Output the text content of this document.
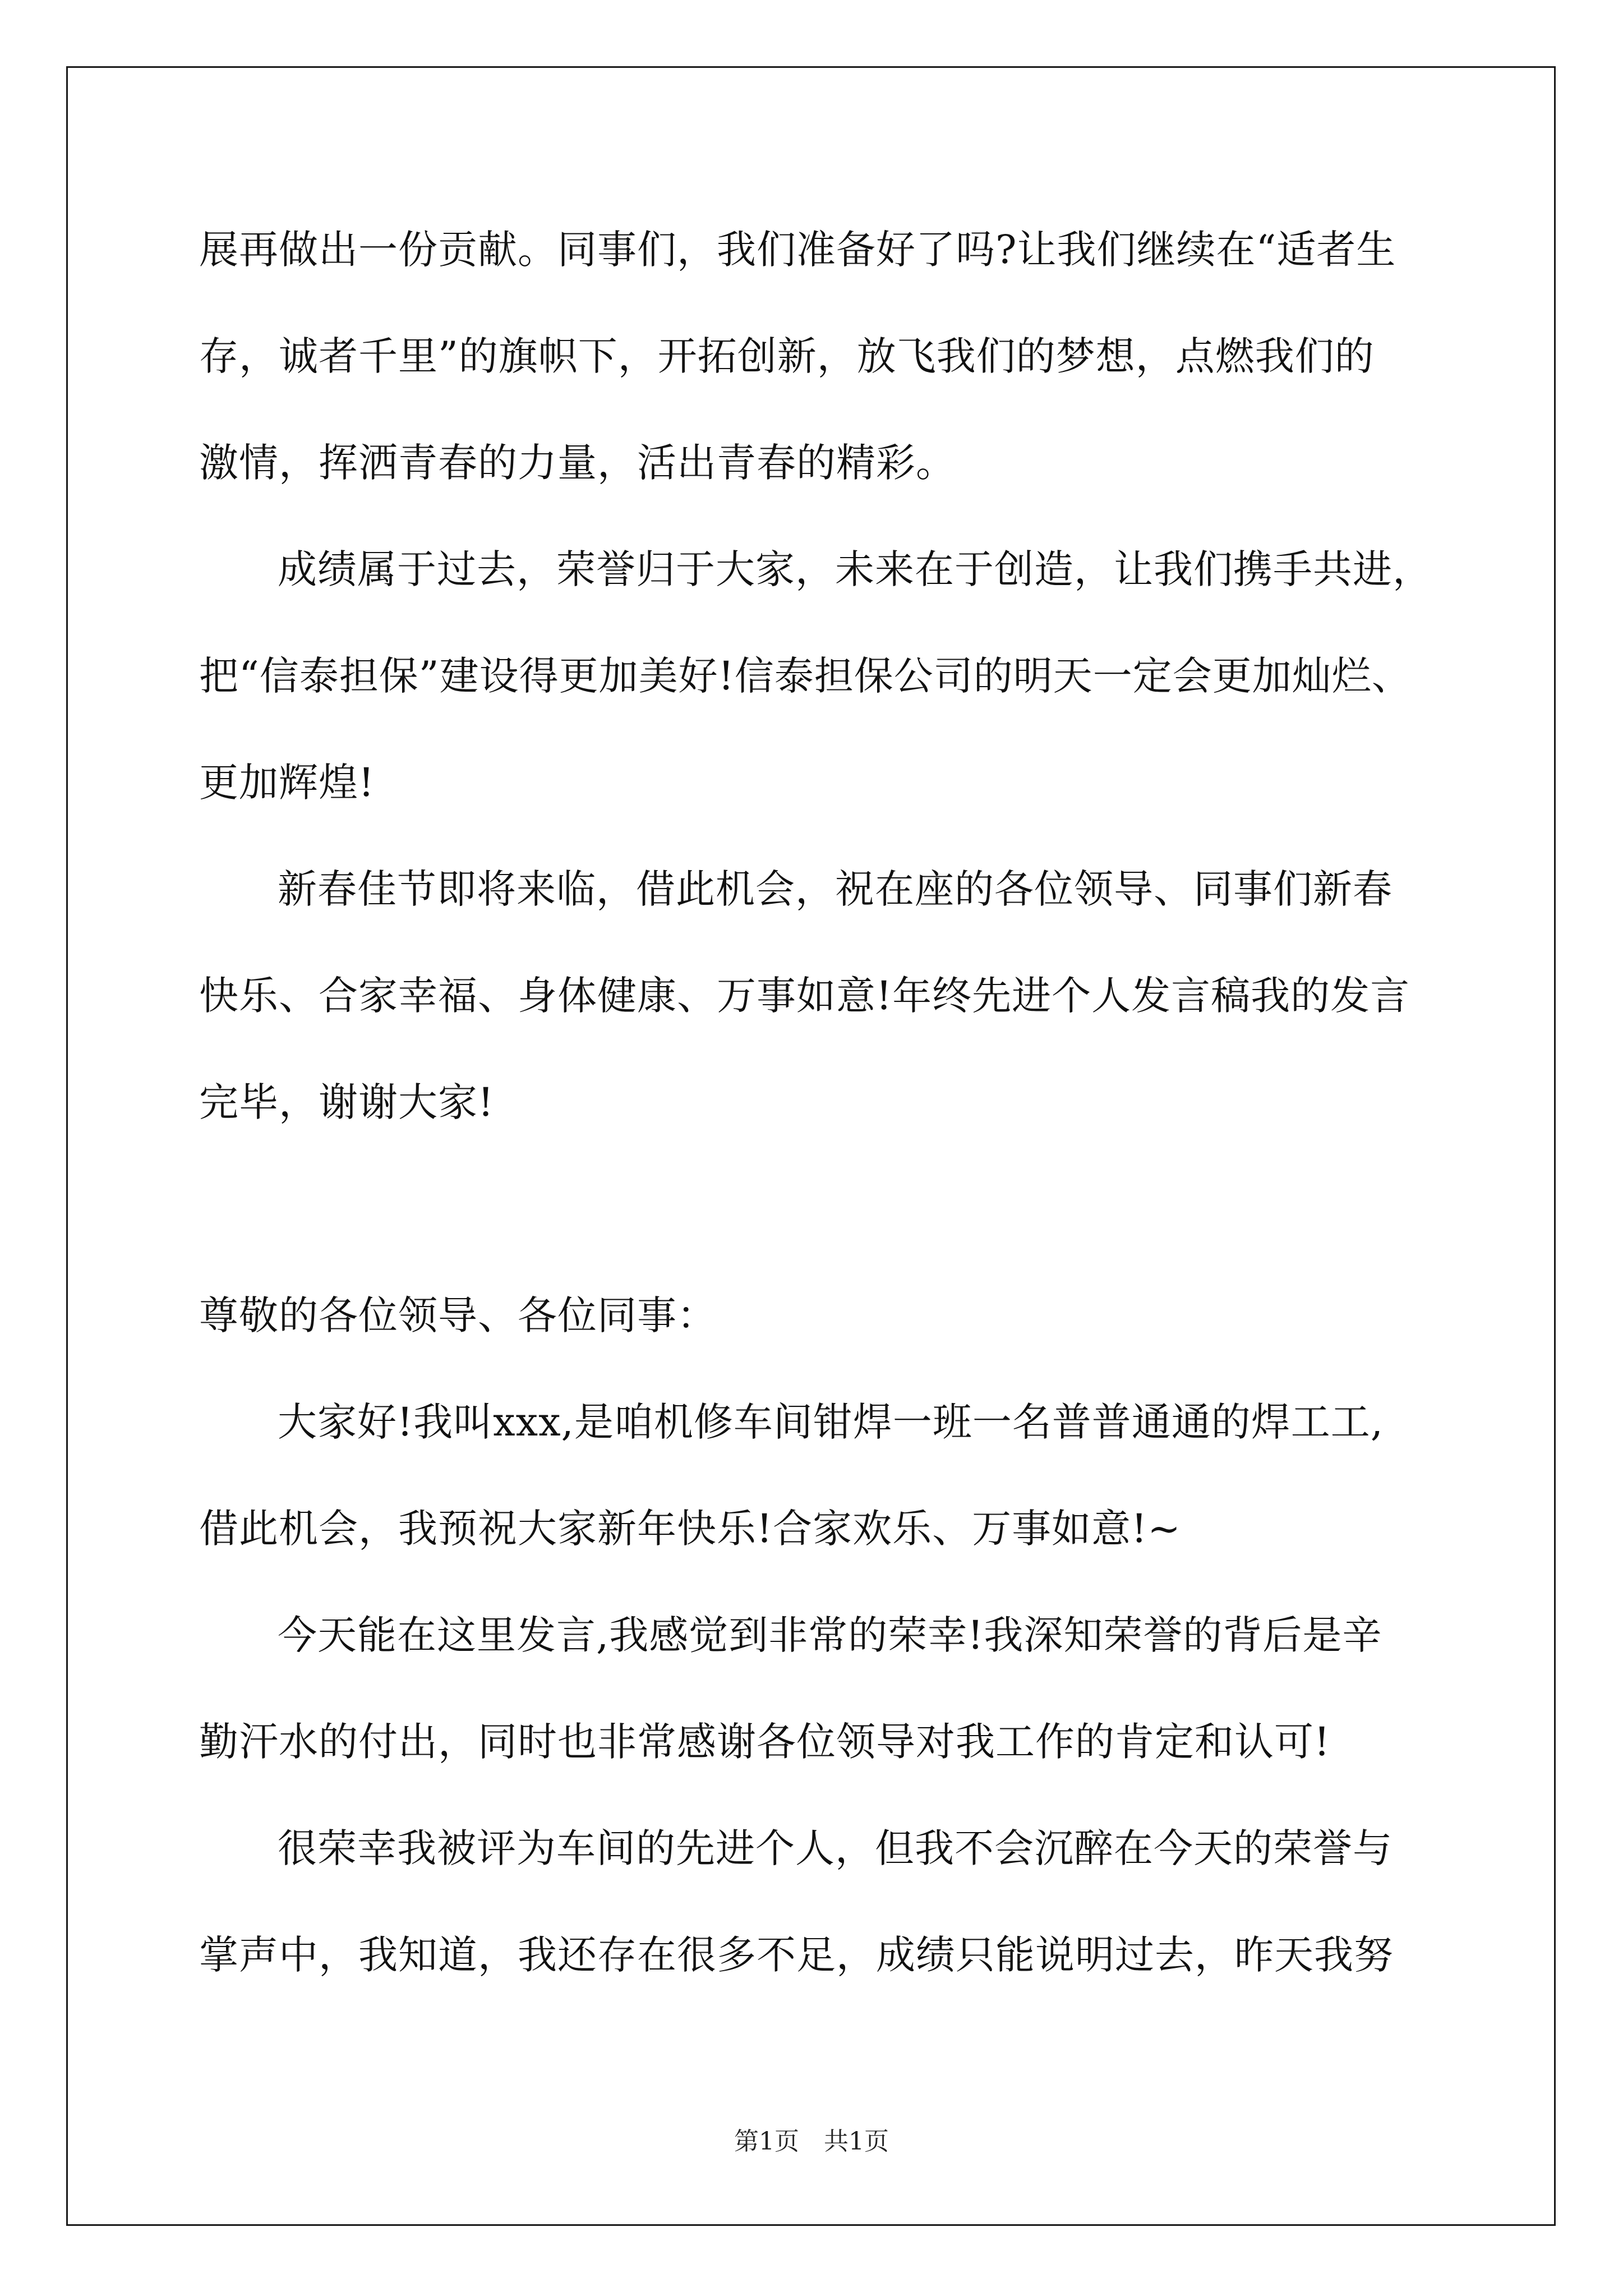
展再做出一份贡献。同事们，我们准备好了吗?让我们继续在“适者生
存，诚者千里”的旗帜下，开拓创新，放飞我们的梦想，点燃我们的
激情，挥洒青春的力量，活出青春的精彩。
成绩属于过去，荣誉归于大家，未来在于创造，让我们携手共进，
把“信泰担保”建设得更加美好!信泰担保公司的明天一定会更加灿烂、
更加辉煌!
新春佳节即将来临，借此机会，祝在座的各位领导、同事们新春
快乐、合家幸福、身体健康、万事如意!年终先进个人发言稿我的发言
完毕，谢谢大家!
尊敬的各位领导、各位同事：
大家好!我叫xxx,是咱机修车间钳焊一班一名普普通通的焊工工,
借此机会，我预祝大家新年快乐!合家欢乐、万事如意!~
今天能在这里发言,我感觉到非常的荣幸!我深知荣誉的背后是辛
勤汗水的付出，同时也非常感谢各位领导对我工作的肯定和认可!
很荣幸我被评为车间的先进个人，但我不会沉醉在今天的荣誉与
掌声中，我知道，我还存在很多不足，成绩只能说明过去，昨天我努
第1页　共1页
